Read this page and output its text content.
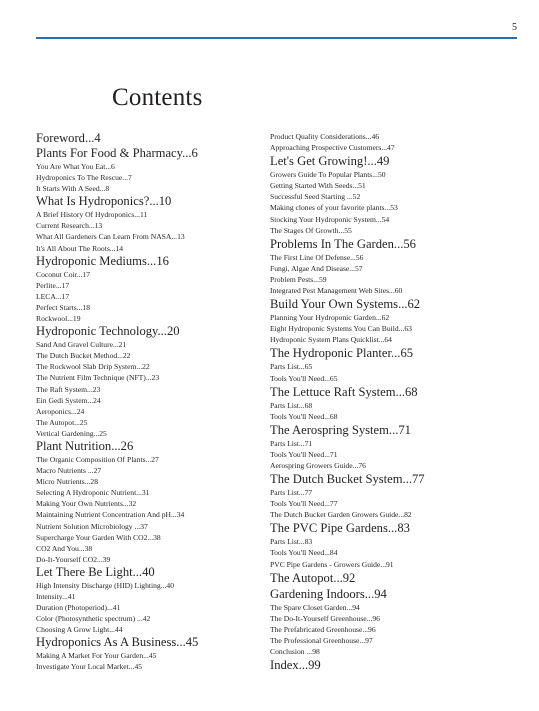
5
Contents
Foreword...4
Plants For Food & Pharmacy...6
You Are What You Eat...6
Hydroponics To The Rescue...7
It Starts With A Seed...8
What Is Hydroponics?...10
A Brief History Of Hydroponics...11
Current Research...13
What All Gardeners Can Learn From NASA...13
It's All About The Roots...14
Hydroponic Mediums...16
Coconut Coir...17
Perlite...17
LECA...17
Perfect Starts...18
Rockwool...19
Hydroponic Technology...20
Sand And Gravel Culture...21
The Dutch Bucket Method...22
The Rockwool Slab Drip System...22
The Nutrient Film Technique (NFT)...23
The Raft System...23
Ein Gedi System...24
Aeroponics...24
The Autopot...25
Vertical Gardening...25
Plant Nutrition...26
The Organic Composition Of Plants...27
Macro Nutrients ...27
Micro Nutrients...28
Selecting A Hydroponic Nutrient...31
Making Your Own Nutrients...32
Maintaining Nutrient Concentration And pH...34
Nutrient Solution Microbiology ...37
Supercharge Your Garden With CO2...38
CO2 And You...38
Do-It-Yourself CO2...39
Let There Be Light...40
High Intensity Discharge (HID) Lighting...40
Intensity...41
Duration (Photoperiod)...41
Color (Photosynthetic spectrum) ...42
Choosing A Grow Light...44
Hydroponics As A Business...45
Making A Market For Your Garden...45
Investigate Your Local Market...45
Product Quality Considerations...46
Approaching Prospective Customers...47
Let's Get Growing!...49
Growers Guide To Popular Plants...50
Getting Started With Seeds...51
Successful Seed Starting ...52
Making clones of your favorite plants...53
Stocking Your Hydroponic System...54
The Stages Of Growth...55
Problems In The Garden...56
The First Line Of Defense...56
Fungi, Algae And Disease...57
Problem Pests...59
Integrated Pest Management Web Sites...60
Build Your Own Systems...62
Planning Your Hydroponic Garden...62
Eight Hydroponic Systems You Can Build...63
Hydroponic System Plans Quicklist...64
The Hydroponic Planter...65
Parts List...65
Tools You'll Need...65
The Lettuce Raft System...68
Parts List...68
Tools You'll Need...68
The Aerospring System...71
Parts List...71
Tools You'll Need...71
Aerospring Growers Guide...76
The Dutch Bucket System...77
Parts List...77
Tools You'll Need...77
The Dutch Bucket Garden Growers Guide...82
The PVC Pipe Gardens...83
Parts List...83
Tools You'll Need...84
PVC Pipe Gardens - Growers Guide...91
The Autopot...92
Gardening Indoors...94
The Spare Closet Garden...94
The Do-It-Yourself Greenhouse...96
The Prefabricated Greenhouse...96
The Professional Greenhouse...97
Conclusion ...98
Index...99
